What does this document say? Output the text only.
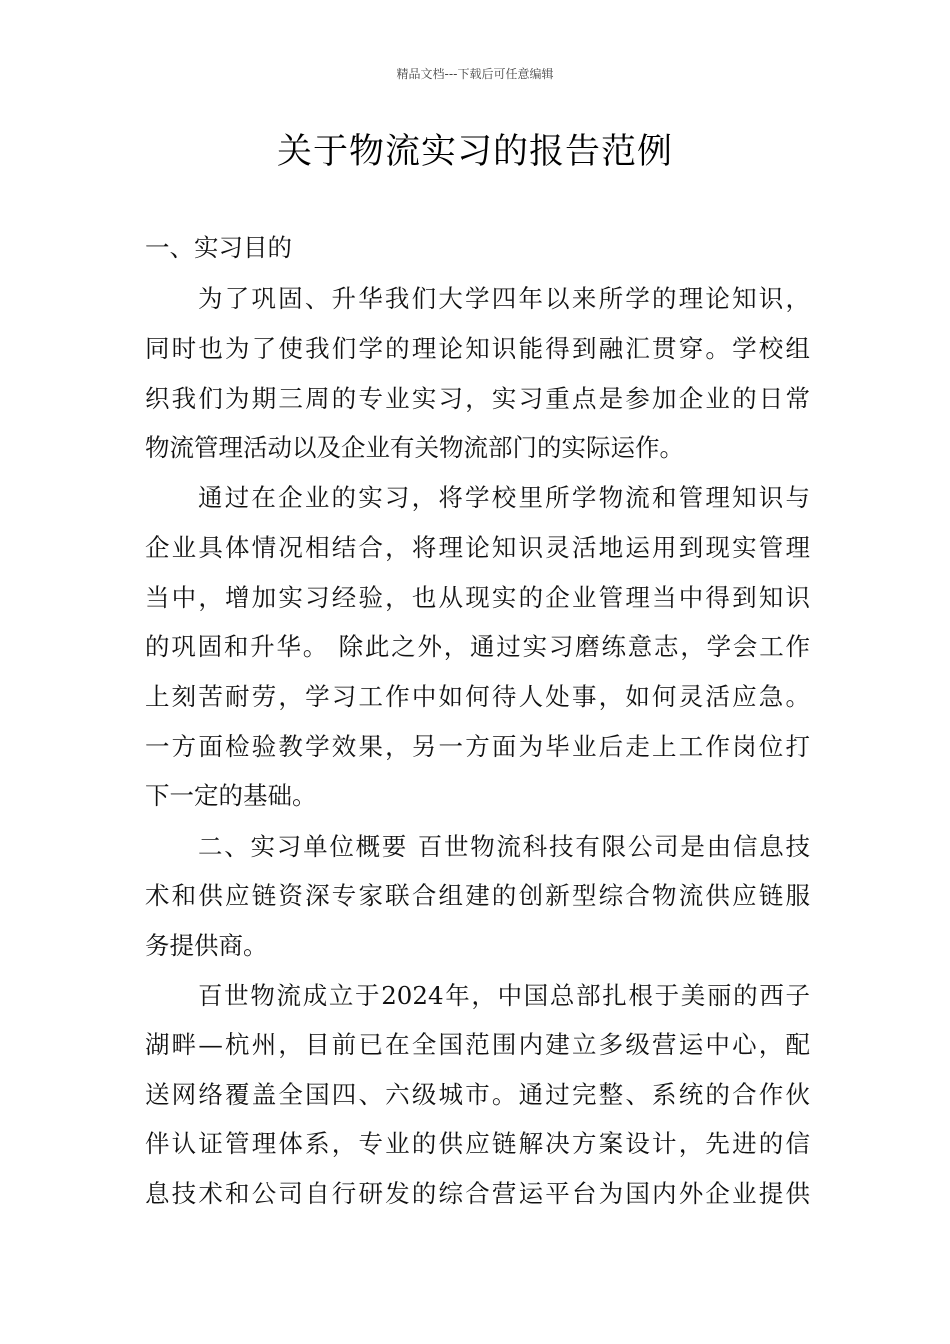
精品文档---下载后可任意编辑
关于物流实习的报告范例
一、实习目的
为了巩固、升华我们大学四年以来所学的理论知识，
同时也为了使我们学的理论知识能得到融汇贯穿。学校组
织我们为期三周的专业实习，实习重点是参加企业的日常
物流管理活动以及企业有关物流部门的实际运作。
通过在企业的实习，将学校里所学物流和管理知识与
企业具体情况相结合，将理论知识灵活地运用到现实管理
当中，增加实习经验，也从现实的企业管理当中得到知识
的巩固和升华。 除此之外，通过实习磨练意志，学会工作
上刻苦耐劳，学习工作中如何待人处事，如何灵活应急。
一方面检验教学效果，另一方面为毕业后走上工作岗位打
下一定的基础。
二、实习单位概要 百世物流科技有限公司是由信息技
术和供应链资深专家联合组建的创新型综合物流供应链服
务提供商。
百世物流成立于2024年，中国总部扎根于美丽的西子
湖畔—杭州，目前已在全国范围内建立多级营运中心，配
送网络覆盖全国四、六级城市。通过完整、系统的合作伙
伴认证管理体系，专业的供应链解决方案设计，先进的信
息技术和公司自行研发的综合营运平台为国内外企业提供
